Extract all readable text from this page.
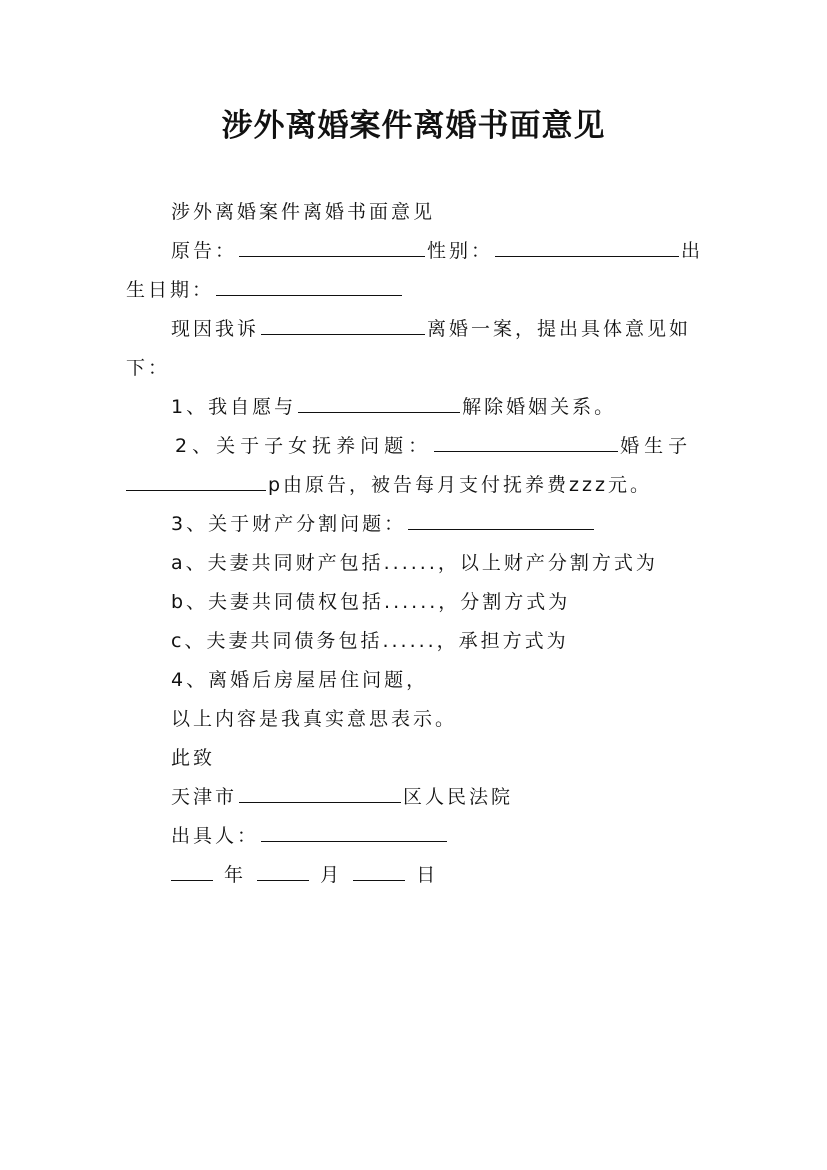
涉外离婚案件离婚书面意见
涉外离婚案件离婚书面意见
原告：	性别：	出
生日期：
现因我诉	离婚一案，提出具体意见如
下：
1、我自愿与	解除婚姻关系。
2、关于子女抚养问题：	婚生子
p由原告，被告每月支付抚养费zzz元。
3、关于财产分割问题：
a、夫妻共同财产包括......，以上财产分割方式为
b、夫妻共同债权包括......，分割方式为
c、夫妻共同债务包括......，承担方式为
4、离婚后房屋居住问题，
以上内容是我真实意思表示。
此致
天津市	区人民法院
出具人：
年	月	日
